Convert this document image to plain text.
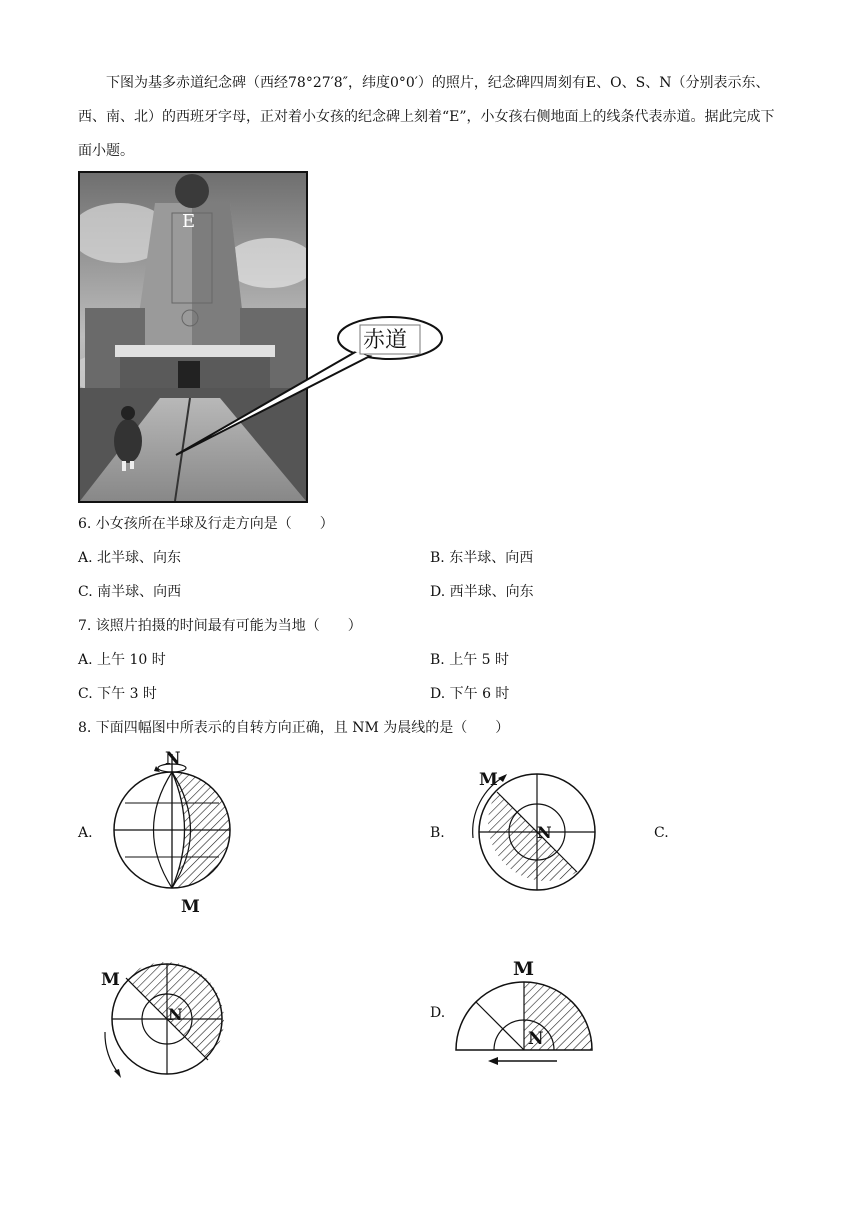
下图为基多赤道纪念碑（西经78°27′8″，纬度0°0′）的照片，纪念碑四周刻有E、O、S、N（分别表示东、西、南、北）的西班牙字母，正对着小女孩的纪念碑上刻着“E”，小女孩右侧地面上的线条代表赤道。据此完成下面小题。

E
赤道
6. 小女孩所在半球及行走方向是（　　）
A. 北半球、向东	B. 东半球、向西
C. 南半球、向西	D. 西半球、向东
7. 该照片拍摄的时间最有可能为当地（　　）
A. 上午 10 时	B. 上午 5 时
C. 下午 3 时	D. 下午 6 时
8. 下面四幅图中所表示的自转方向正确，且 NM 为晨线的是（　　）
A.	B.	C.
D.
N
M
M
N
M
N
M
N
